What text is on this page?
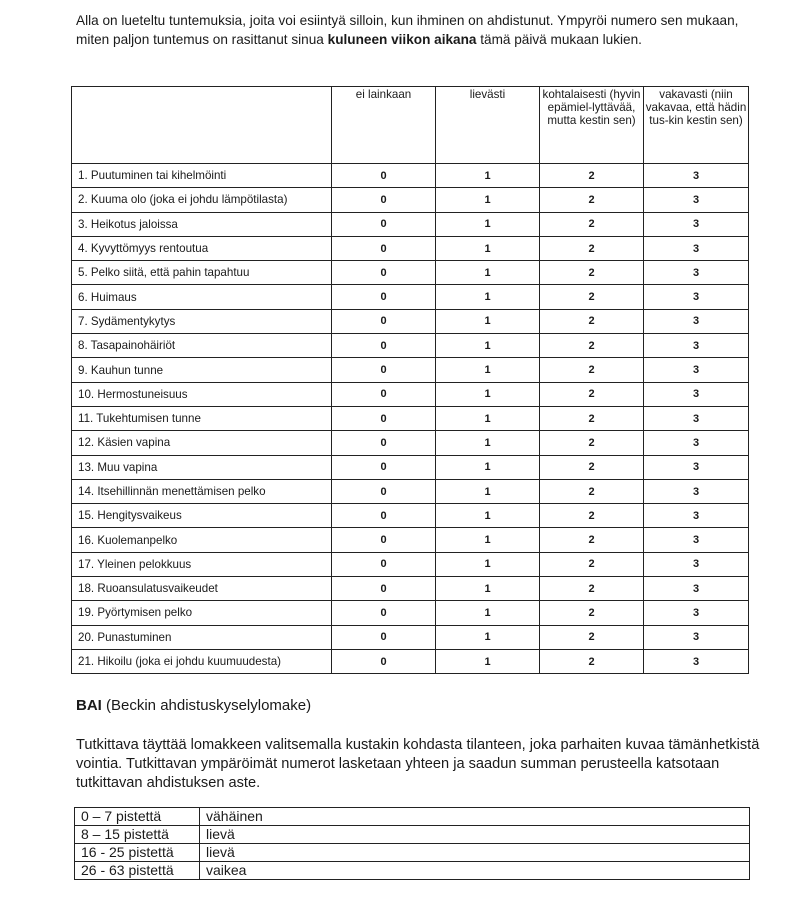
Alla on lueteltu tuntemuksia, joita voi esiintyä silloin, kun ihminen on ahdistunut. Ympyröi numero sen mukaan, miten paljon tuntemus on rasittanut sinua kuluneen viikon aikana tämä päivä mukaan lukien.
	ei lainkaan	lievästi	kohtalaisesti (hyvin epämiel-lyttävää, mutta kestin sen)	vakavasti (niin vakavaa, että hädin tus-kin kestin sen)
1. Puutuminen tai kihelmöinti	0	1	2	3
2. Kuuma olo (joka ei johdu lämpötilasta)	0	1	2	3
3. Heikotus jaloissa	0	1	2	3
4. Kyvyttömyys rentoutua	0	1	2	3
5. Pelko siitä, että pahin tapahtuu	0	1	2	3
6. Huimaus	0	1	2	3
7. Sydämentykytys	0	1	2	3
8. Tasapainohäiriöt	0	1	2	3
9. Kauhun tunne	0	1	2	3
10. Hermostuneisuus	0	1	2	3
11. Tukehtumisen tunne	0	1	2	3
12. Käsien vapina	0	1	2	3
13. Muu vapina	0	1	2	3
14. Itsehillinnän menettämisen pelko	0	1	2	3
15. Hengitysvaikeus	0	1	2	3
16. Kuolemanpelko	0	1	2	3
17. Yleinen pelokkuus	0	1	2	3
18. Ruoansulatusvaikeudet	0	1	2	3
19. Pyörtymisen pelko	0	1	2	3
20. Punastuminen	0	1	2	3
21. Hikoilu (joka ei johdu kuumuudesta)	0	1	2	3
BAI (Beckin ahdistuskyselylomake)
Tutkittava täyttää lomakkeen valitsemalla kustakin kohdasta tilanteen, joka parhaiten kuvaa tämänhetkistä vointia. Tutkittavan ympäröimät numerot lasketaan yhteen ja saadun summan perusteella katsotaan tutkittavan ahdistuksen aste.
0 – 7 pistettä	vähäinen
8 – 15 pistettä	lievä
16 - 25 pistettä	lievä
26 - 63 pistettä	vaikea
